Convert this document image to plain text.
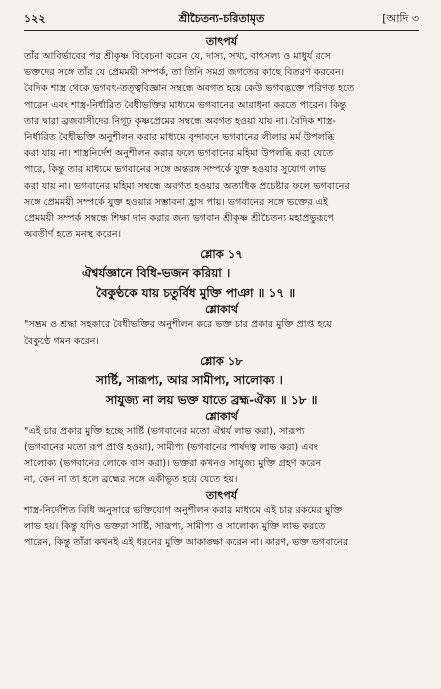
১২২	শ্রীচৈতন্য-চরিতামৃত	[আদি ৩

তাৎপর্য

তাঁর আবির্ভাবের পর শ্রীকৃষ্ণ বিবেচনা করেন যে, দাস্য, সখ্য, বাৎসল্য ও মাধুর্য রসে

ভক্তদের সঙ্গে তাঁর যে প্রেমময়ী সম্পর্ক, তা তিনি সমগ্র জগতের কাছে বিতরণ করবেন।

বৈদিক শাস্ত্র থেকে ভগবৎ-তত্ত্ববিজ্ঞান সম্বন্ধে অবগত হয়ে কেউ ভগবদ্ভক্তে পরিণত হতে

পারেন এবং শাস্ত্র-নির্ধারিত বৈধীভক্তির মাধ্যমে ভগবানের আরাধনা করতে পারেন। কিন্তু

তার দ্বারা ব্রজবাসীদের নিগূঢ় কৃষ্ণপ্রেমের সম্বন্ধে অবগত হওয়া যায় না। বৈদিক শাস্ত্র-

নির্ধারিত বৈধীভক্তি অনুশীলন করার মাধ্যমে বৃন্দাবনে ভগবানের লীলার মর্ম উপলব্ধি

করা যায় না। শাস্ত্রনির্দেশ অনুশীলন করার ফলে ভগবানের মহিমা উপলব্ধি করা যেতে

পারে, কিন্তু তার মাধ্যমে ভগবানের সঙ্গে অন্তরঙ্গ সম্পর্কে যুক্ত হওয়ার সুযোগ লাভ

করা যায় না। ভগবানের মহিমা সম্বন্ধে অবগত হওয়ার অত্যধিক প্রচেষ্টার ফলে ভগবানের

সঙ্গে প্রেমময়ী সম্পর্কে যুক্ত হওয়ার সম্ভাবনা হ্রাস পায়। ভগবানের সঙ্গে ভক্তের এই

প্রেমময়ী সম্পর্ক সম্বন্ধে শিক্ষা দান করার জন্য ভগবান শ্রীকৃষ্ণ শ্রীচৈতন্য মহাপ্রভুরূপে

অবতীর্ণ হতে মনস্থ করেন।

শ্লোক ১৭

ঐশ্বর্যজ্ঞানে বিধি-ভজন করিয়া ।

বৈকুণ্ঠকে যায় চতুর্বিধ মুক্তি পাঞা ॥ ১৭ ॥

শ্লোকার্থ

"সম্ভ্রম ও শ্রদ্ধা সহকারে বৈধীভক্তির অনুশীলন করে ভক্ত চার প্রকার মুক্তি প্রাপ্ত হয়ে

বৈকুণ্ঠে গমন করেন।

শ্লোক ১৮

সার্ষ্টি, সারূপ্য, আর সামীপ্য, সালোক্য ।

সাযুজ্য না লয় ভক্ত যাতে ব্রহ্ম-ঐক্য ॥ ১৮ ॥

শ্লোকার্থ

"এই চার প্রকার মুক্তি হচ্ছে সার্ষ্টি (ভগবানের মতো ঐশ্বর্য লাভ করা), সারূপ্য

(ভগবানের মতো রূপ প্রাপ্ত হওয়া), সামীপ্য (ভগবানের পার্ষদত্ব লাভ করা) এবং

সালোক্য (ভগবানের লোকে বাস করা)। ভক্তরা কখনও সাযুজ্য মুক্তি গ্রহণ করেন

না, কেন না তা হলে ব্রহ্মের সঙ্গে একীভূত হয়ে যেতে হয়।

তাৎপর্য

শাস্ত্র-নির্দেশিত বিধি অনুসারে ভক্তিযোগ অনুশীলন করার মাধ্যমে এই চার রকমের মুক্তি

লাভ হয়। কিন্তু যদিও ভক্তরা সার্ষ্টি, সারূপ্য, সামীপ্য ও সালোক্য মুক্তি লাভ করতে

পারেন, কিন্তু তাঁরা কখনই এই ধরনের মুক্তি আকাঙ্ক্ষা করেন না। কারণ, ভক্ত ভগবানের
